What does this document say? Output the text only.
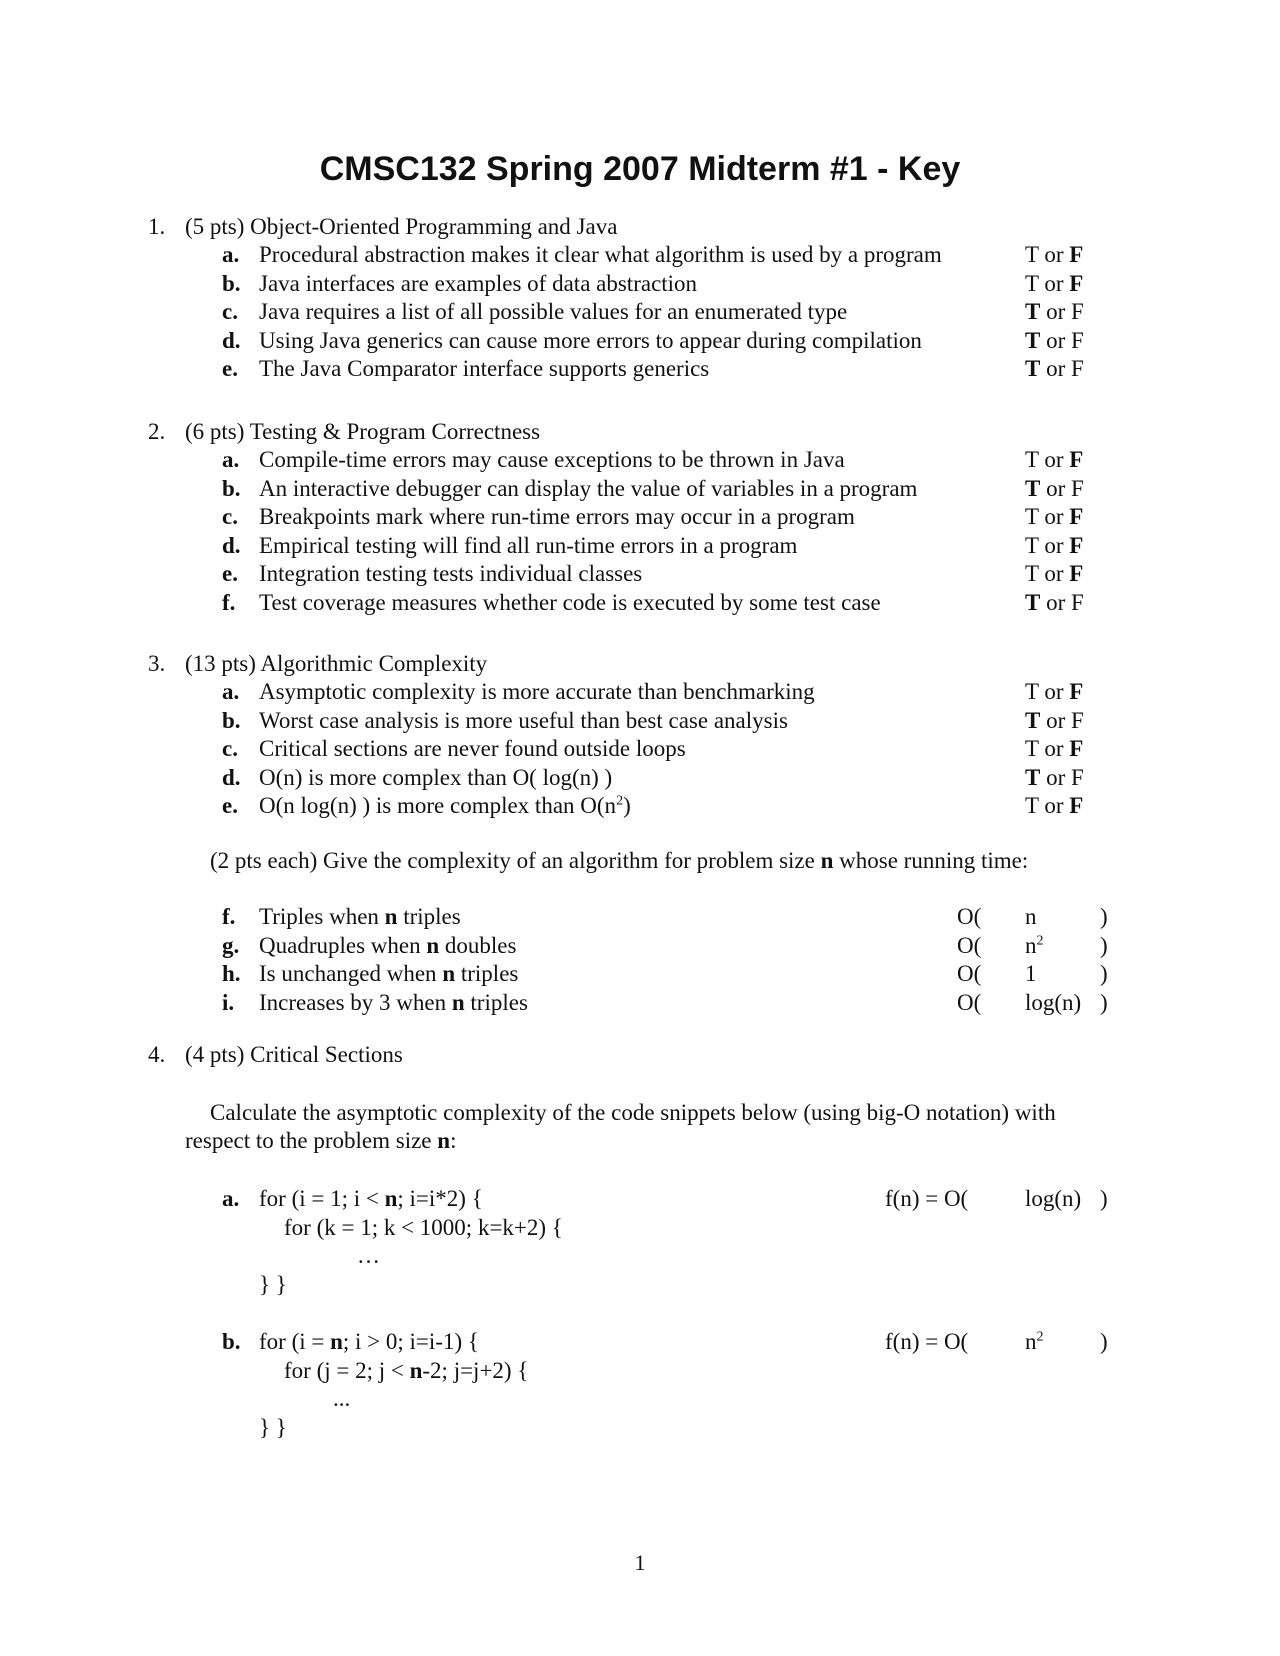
CMSC132 Spring 2007 Midterm #1 - Key
1. (5 pts) Object-Oriented Programming and Java
a. Procedural abstraction makes it clear what algorithm is used by a program	T or F
b. Java interfaces are examples of data abstraction	T or F
c. Java requires a list of all possible values for an enumerated type	T or F
d. Using Java generics can cause more errors to appear during compilation	T or F
e. The Java Comparator interface supports generics	T or F
2. (6 pts) Testing & Program Correctness
a. Compile-time errors may cause exceptions to be thrown in Java	T or F
b. An interactive debugger can display the value of variables in a program	T or F
c. Breakpoints mark where run-time errors may occur in a program	T or F
d. Empirical testing will find all run-time errors in a program	T or F
e. Integration testing tests individual classes	T or F
f. Test coverage measures whether code is executed by some test case	T or F
3. (13 pts) Algorithmic Complexity
a. Asymptotic complexity is more accurate than benchmarking	T or F
b. Worst case analysis is more useful than best case analysis	T or F
c. Critical sections are never found outside loops	T or F
d. O(n) is more complex than O( log(n) )	T or F
e. O(n log(n) ) is more complex than $O(n^2)$	T or F
(2 pts each) Give the complexity of an algorithm for problem size n whose running time:
f. Triples when n triples	O( n	)
g. Quadruples when n doubles	O( $n^2$ )
h. Is unchanged when n triples	O( 1	)
i. Increases by 3 when n triples	O( log(n) )
4. (4 pts) Critical Sections
Calculate the asymptotic complexity of the code snippets below (using big-O notation) with
respect to the problem size n:
a. for (i = 1; i < n; i=i*2) {
for (k = 1; k < 1000; k=k+2) {
…
} }
f(n) = O( log(n) )
b. for (i = n; i > 0; i=i-1) {
for (j = 2; j < n-2; j=j+2) {
...
} }
f(n) = O( $n^2$ )
1
